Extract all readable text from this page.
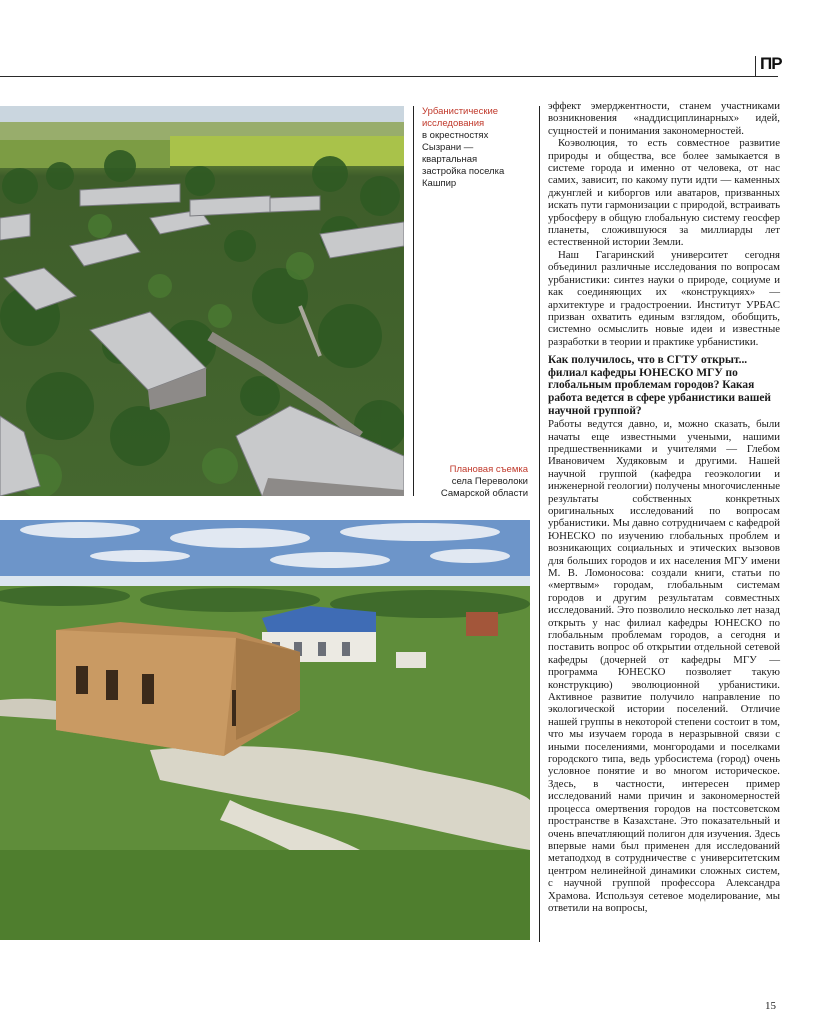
ПР
Урбанистические исследования
в окрестностях Сызрани — квартальная застройка поселка Кашпир
Плановая съемка
села Переволоки Самарской области

эффект эмерджентности, станем участниками возникновения «наддисциплинарных» идей, сущностей и понимания закономерностей.

Коэволюция, то есть совместное развитие природы и общества, все более замыкается в системе города и именно от человека, от нас самих, зависит, по какому пути идти — каменных джунглей и киборгов или аватаров, призванных искать пути гармонизации с природой, встраивать урбосферу в общую глобальную систему геосфер планеты, сложившуюся за миллиарды лет естественной истории Земли.

Наш Гагаринский университет сегодня объединил различные исследования по вопросам урбанистики: синтез науки о природе, социуме и как соединяющих их «конструкциях» — архитектуре и градостроении. Институт УРБАС призван охватить единым взглядом, обобщить, системно осмыслить новые идеи и известные разработки в теории и практике урбанистики.

Как получилось, что в СГТУ открыт... филиал кафедры ЮНЕСКО МГУ по глобальным проблемам городов? Какая работа ведется в сфере урбанистики вашей научной группой?

Работы ведутся давно, и, можно сказать, были начаты еще известными учеными, нашими предшественниками и учителями — Глебом Ивановичем Худяковым и другими. Нашей научной группой (кафедра геоэкологии и инженерной геологии) получены многочисленные результаты собственных конкретных оригинальных исследований по вопросам урбанистики. Мы давно сотрудничаем с кафедрой ЮНЕСКО по изучению глобальных проблем и возникающих социальных и этических вызовов для больших городов и их населения МГУ имени М. В. Ломоносова: создали книги, статьи по «мертвым» городам, глобальным системам городов и другим результатам совместных исследований. Это позволило несколько лет назад открыть у нас филиал кафедры ЮНЕСКО по глобальным проблемам городов, а сегодня и поставить вопрос об открытии отдельной сетевой кафедры (дочерней от кафедры МГУ — программа ЮНЕСКО позволяет такую конструкцию) эволюционной урбанистики. Активное развитие получило направление по экологической истории поселений. Отличие нашей группы в некоторой степени состоит в том, что мы изучаем города в неразрывной связи с иными поселениями, монгородами и поселками городского типа, ведь урбосистема (город) очень условное понятие и во многом историческое. Здесь, в частности, интересен пример исследований нами причин и закономерностей процесса омертвения городов на постсоветском пространстве в Казахстане. Это показательный и очень впечатляющий полигон для изучения. Здесь впервые нами был применен для исследований метаподход в сотрудничестве с университетским центром нелинейной динамики сложных систем, с научной группой профессора Александра Храмова. Используя сетевое моделирование, мы ответили на вопросы,

15
